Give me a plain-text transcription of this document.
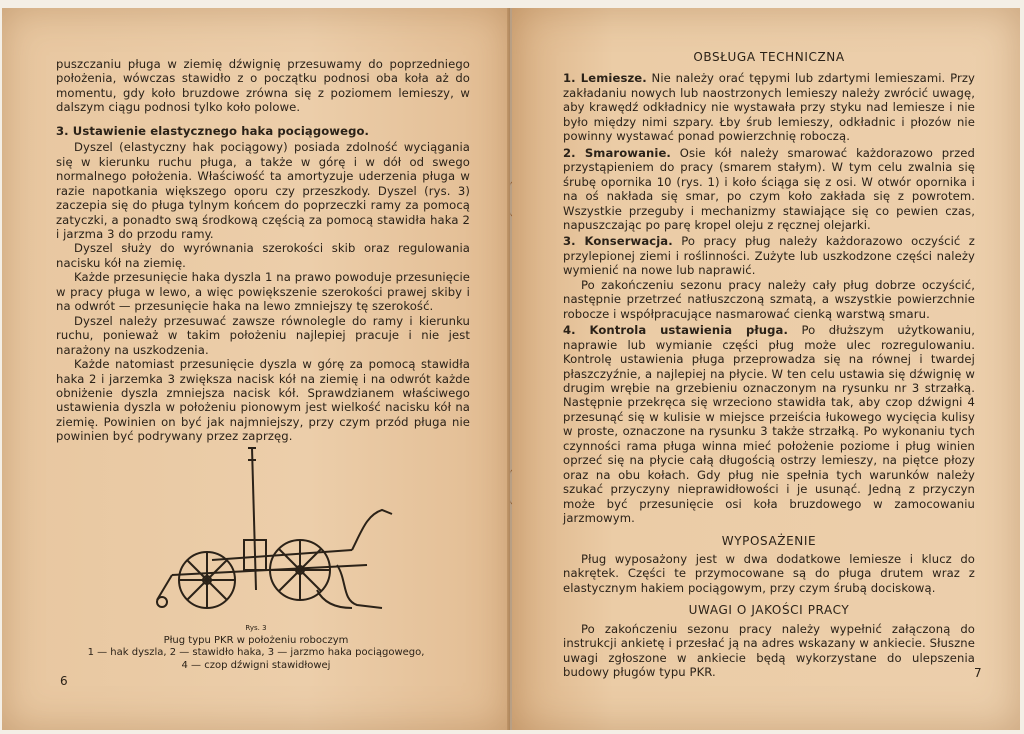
puszczaniu pługa w ziemię dźwignię przesuwamy do poprzedniego położenia, wówczas stawidło z o początku podnosi oba koła aż do momentu, gdy koło bruzdowe zrówna się z poziomem lemieszy, w dalszym ciągu podnosi tylko koło polowe.

3. Ustawienie elastycznego haka pociągowego.

Dyszel (elastyczny hak pociągowy) posiada zdolność wyciągania się w kierunku ruchu pługa, a także w górę i w dół od swego normalnego położenia. Właściwość ta amortyzuje uderzenia pługa w razie napotkania większego oporu czy przeszkody. Dyszel (rys. 3) zaczepia się do pługa tylnym końcem do poprzeczki ramy za pomocą zatyczki, a ponadto swą środkową częścią za pomocą stawidła haka 2 i jarzma 3 do przodu ramy.

Dyszel służy do wyrównania szerokości skib oraz regulowania nacisku kół na ziemię.

Każde przesunięcie haka dyszla 1 na prawo powoduje przesunięcie w pracy pługa w lewo, a więc powiększenie szerokości prawej skiby i na odwrót — przesunięcie haka na lewo zmniejszy tę szerokość.

Dyszel należy przesuwać zawsze równolegle do ramy i kierunku ruchu, ponieważ w takim położeniu najlepiej pracuje i nie jest narażony na uszkodzenia.

Każde natomiast przesunięcie dyszla w górę za pomocą stawidła haka 2 i jarzemka 3 zwiększa nacisk kół na ziemię i na odwrót każde obniżenie dyszla zmniejsza nacisk kół. Sprawdzianem właściwego ustawienia dyszla w położeniu pionowym jest wielkość nacisku kół na ziemię. Powinien on być jak najmniejszy, przy czym przód pługa nie powinien być podrywany przez zaprzęg.

Rys. 3
Pług typu PKR w położeniu roboczym
1 — hak dyszla, 2 — stawidło haka, 3 — jarzmo haka pociągowego,
4 — czop dźwigni stawidłowej
6

OBSŁUGA TECHNICZNA

1. Lemiesze. Nie należy orać tępymi lub zdartymi lemieszami. Przy zakładaniu nowych lub naostrzonych lemieszy należy zwrócić uwagę, aby krawędź odkładnicy nie wystawała przy styku nad lemiesze i nie było między nimi szpary. Łby śrub lemieszy, odkładnic i płozów nie powinny wystawać ponad powierzchnię roboczą.

2. Smarowanie. Osie kół należy smarować każdorazowo przed przystąpieniem do pracy (smarem stałym). W tym celu zwalnia się śrubę opornika 10 (rys. 1) i koło ściąga się z osi. W otwór opornika i na oś nakłada się smar, po czym koło zakłada się z powrotem. Wszystkie przeguby i mechanizmy stawiające się co pewien czas, napuszczając po parę kropel oleju z ręcznej olejarki.

3. Konserwacja. Po pracy pług należy każdorazowo oczyścić z przylepionej ziemi i roślinności. Zużyte lub uszkodzone części należy wymienić na nowe lub naprawić.

Po zakończeniu sezonu pracy należy cały pług dobrze oczyścić, następnie przetrzeć natłuszczoną szmatą, a wszystkie powierzchnie robocze i współpracujące nasmarować cienką warstwą smaru.

4. Kontrola ustawienia pługa. Po dłuższym użytkowaniu, naprawie lub wymianie części pług może ulec rozregulowaniu. Kontrolę ustawienia pługa przeprowadza się na równej i twardej płaszczyźnie, a najlepiej na płycie. W ten celu ustawia się dźwignię w drugim wrębie na grzebieniu oznaczonym na rysunku nr 3 strzałką. Następnie przekręca się wrzeciono stawidła tak, aby czop dźwigni 4 przesunąć się w kulisie w miejsce przeiścia łukowego wycięcia kulisy w proste, oznaczone na rysunku 3 także strzałką. Po wykonaniu tych czynności rama pługa winna mieć położenie poziome i pług winien oprzeć się na płycie całą długością ostrzy lemieszy, na piętce płozy oraz na obu kołach. Gdy pług nie spełnia tych warunków należy szukać przyczyny nieprawidłowości i je usunąć. Jedną z przyczyn może być przesunięcie osi koła bruzdowego w zamocowaniu jarzmowym.

WYPOSAŻENIE

Pług wyposażony jest w dwa dodatkowe lemiesze i klucz do nakrętek. Części te przymocowane są do pługa drutem wraz z elastycznym hakiem pociągowym, przy czym śrubą dociskową.

UWAGI O JAKOŚCI PRACY

Po zakończeniu sezonu pracy należy wypełnić załączoną do instrukcji ankietę i przesłać ją na adres wskazany w ankiecie. Słuszne uwagi zgłoszone w ankiecie będą wykorzystane do ulepszenia budowy pługów typu PKR.	7
